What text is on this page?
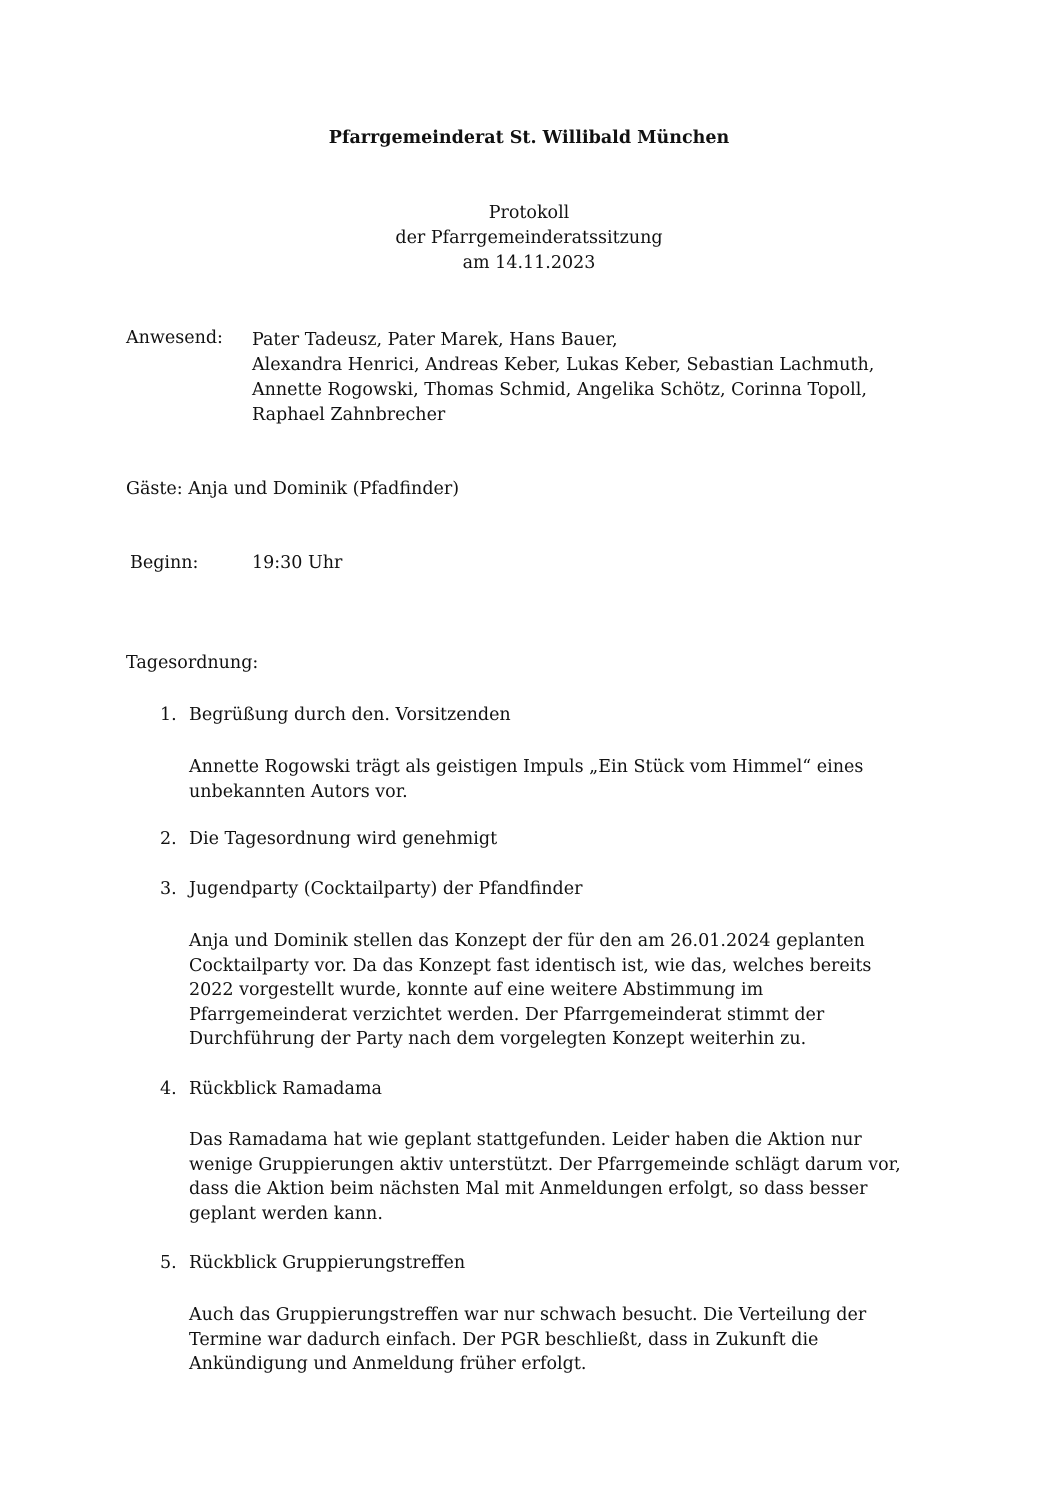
Pfarrgemeinderat St. Willibald München
Protokoll
der Pfarrgemeinderatssitzung
am 14.11.2023
Anwesend: Pater Tadeusz, Pater Marek, Hans Bauer,
Alexandra Henrici, Andreas Keber, Lukas Keber, Sebastian Lachmuth,
Annette Rogowski, Thomas Schmid, Angelika Schötz, Corinna Topoll,
Raphael Zahnbrecher
Gäste: Anja und Dominik (Pfadfinder)
Beginn:	19:30 Uhr
Tagesordnung:
1. Begrüßung durch den. Vorsitzenden
Annette Rogowski trägt als geistigen Impuls „Ein Stück vom Himmel“ eines
unbekannten Autors vor.
2. Die Tagesordnung wird genehmigt
3. Jugendparty (Cocktailparty) der Pfandfinder
Anja und Dominik stellen das Konzept der für den am 26.01.2024 geplanten
Cocktailparty vor. Da das Konzept fast identisch ist, wie das, welches bereits
2022 vorgestellt wurde, konnte auf eine weitere Abstimmung im
Pfarrgemeinderat verzichtet werden. Der Pfarrgemeinderat stimmt der
Durchführung der Party nach dem vorgelegten Konzept weiterhin zu.
4. Rückblick Ramadama
Das Ramadama hat wie geplant stattgefunden. Leider haben die Aktion nur
wenige Gruppierungen aktiv unterstützt. Der Pfarrgemeinde schlägt darum vor,
dass die Aktion beim nächsten Mal mit Anmeldungen erfolgt, so dass besser
geplant werden kann.
5. Rückblick Gruppierungstreffen
Auch das Gruppierungstreffen war nur schwach besucht. Die Verteilung der
Termine war dadurch einfach. Der PGR beschließt, dass in Zukunft die
Ankündigung und Anmeldung früher erfolgt.
